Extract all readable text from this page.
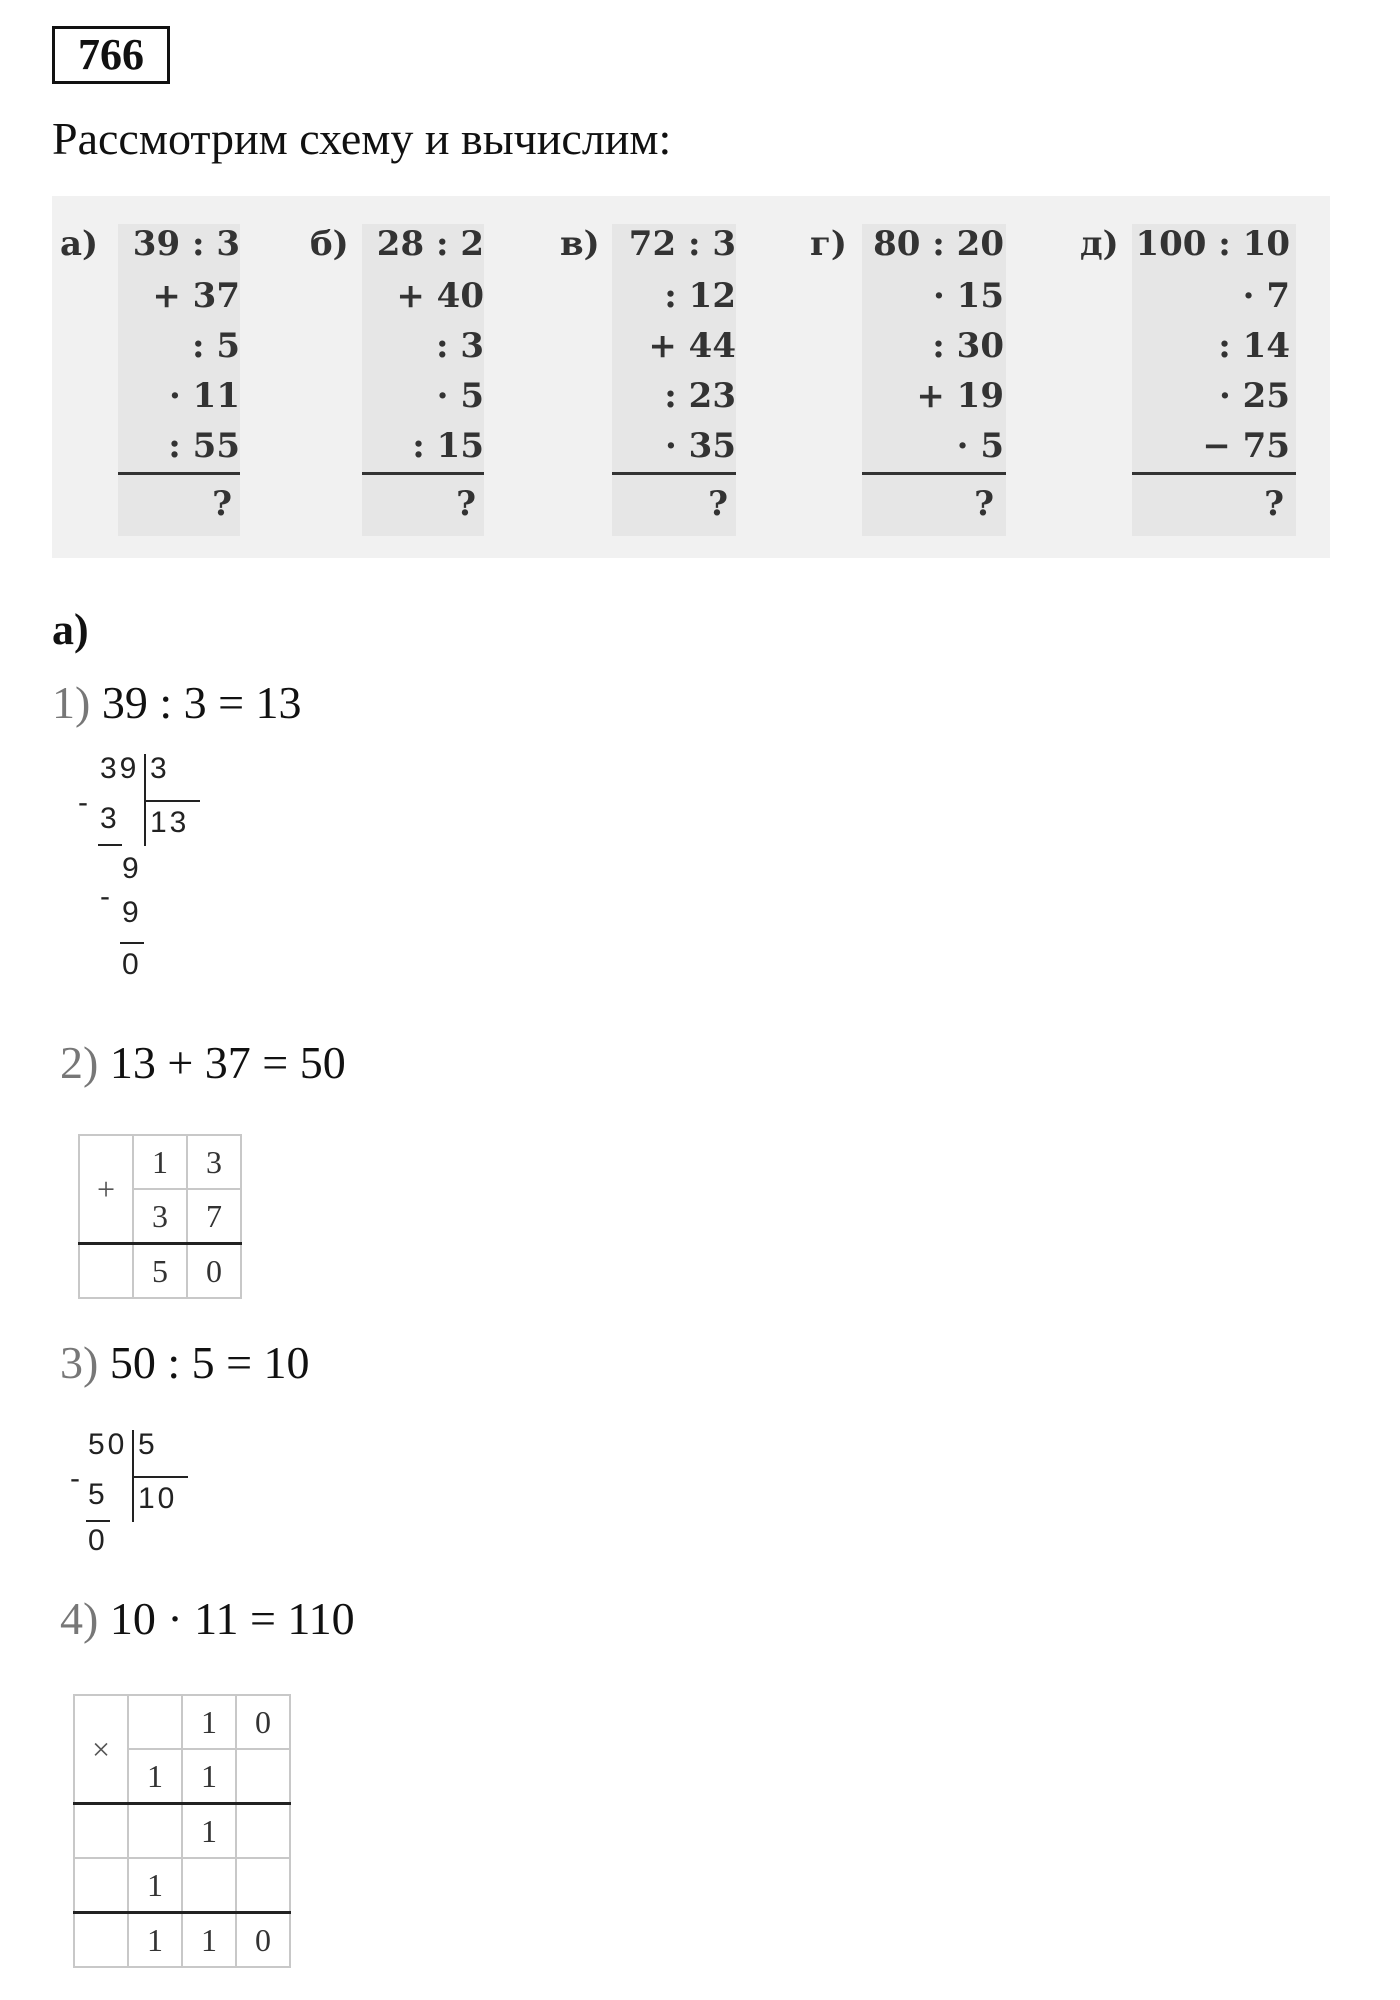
766
Рассмотрим схему и вычислим:
а) 39 : 3
+ 37
: 5
· 11
: 55
?
б) 28 : 2
+ 40
: 3
· 5
: 15
?
в) 72 : 3
: 12
+ 44
: 23
· 35
?
г) 80 : 20
· 15
: 30
+ 19
· 5
?
д) 100 : 10
· 7
: 14
· 25
− 75
?
а)
1) 39 : 3 = 13
-
39 3
3 13
-
9
9
0
2) 13 + 37 = 50
+	1	3
	3	7
	5	0
3) 50 : 5 = 10
-
50 5
5 10
0
4) 10 · 11 = 110
×		1	0
	1	1	
		1	
	1		
	1	1	0
